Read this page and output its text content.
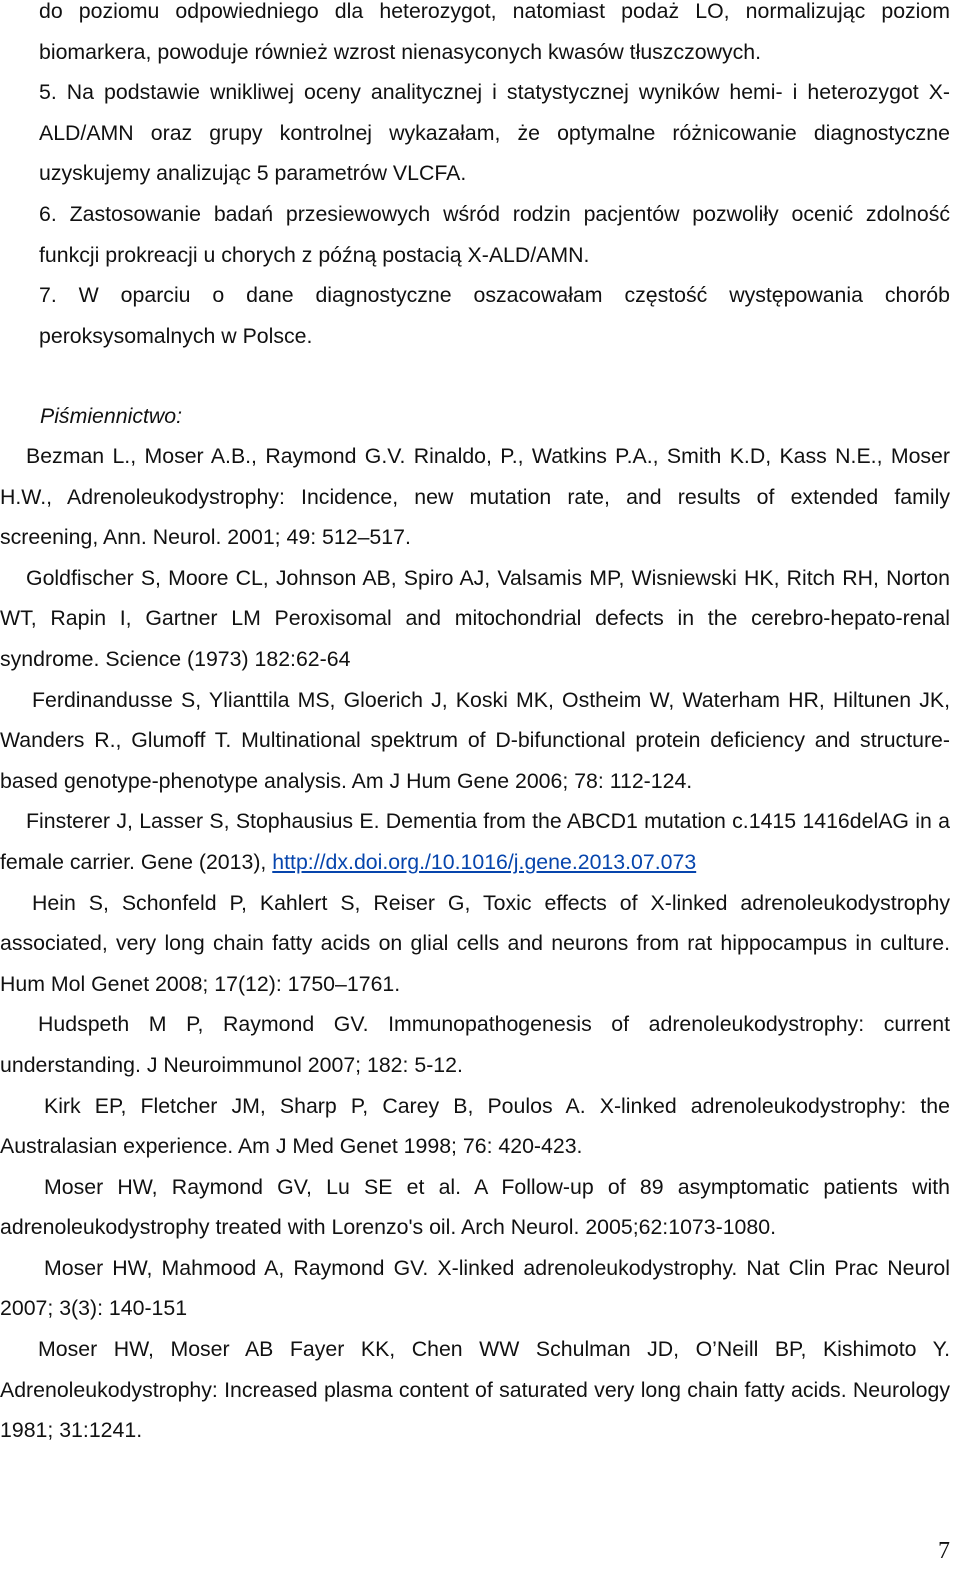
do poziomu odpowiedniego dla heterozygot, natomiast podaż LO, normalizując poziom biomarkera, powoduje również wzrost nienasyconych kwasów tłuszczowych.

5. Na podstawie wnikliwej oceny analitycznej i statystycznej wyników hemi- i heterozygot X-ALD/AMN oraz grupy kontrolnej wykazałam, że optymalne różnicowanie diagnostyczne uzyskujemy analizując 5 parametrów VLCFA.

6. Zastosowanie badań przesiewowych wśród rodzin pacjentów pozwoliły ocenić zdolność funkcji prokreacji u chorych z późną postacią X-ALD/AMN.

7. W oparciu o dane diagnostyczne oszacowałam częstość występowania chorób peroksysomalnych w Polsce.

Piśmiennictwo:

Bezman L., Moser A.B., Raymond G.V. Rinaldo, P., Watkins P.A., Smith K.D, Kass N.E., Moser H.W., Adrenoleukodystrophy: Incidence, new mutation rate, and results of extended family screening, Ann. Neurol. 2001; 49: 512–517.

Goldfischer S, Moore CL, Johnson AB, Spiro AJ, Valsamis MP, Wisniewski HK, Ritch RH, Norton WT, Rapin I, Gartner LM Peroxisomal and mitochondrial defects in the cerebro-hepato-renal syndrome. Science (1973) 182:62-64

Ferdinandusse S, Ylianttila MS, Gloerich J, Koski MK, Ostheim W, Waterham HR, Hiltunen JK, Wanders R., Glumoff T. Multinational spektrum of D-bifunctional protein deficiency and structure- based genotype-phenotype analysis. Am J Hum Gene 2006; 78: 112-124.

Finsterer J, Lasser S, Stophausius E. Dementia from the ABCD1 mutation c.1415 1416delAG in a female carrier. Gene (2013), http://dx.doi.org./10.1016/j.gene.2013.07.073

Hein S, Schonfeld P, Kahlert S, Reiser G, Toxic effects of X-linked adrenoleukodystrophy associated, very long chain fatty acids on glial cells and neurons from rat hippocampus in culture. Hum Mol Genet 2008; 17(12): 1750–1761.

Hudspeth M P, Raymond GV. Immunopathogenesis of adrenoleukodystrophy: current understanding. J Neuroimmunol 2007; 182: 5-12.

Kirk EP, Fletcher JM, Sharp P, Carey B, Poulos A. X-linked adrenoleukodystrophy: the Australasian experience. Am J Med Genet 1998; 76: 420-423.

Moser HW, Raymond GV, Lu SE et al. A Follow-up of 89 asymptomatic patients with adrenoleukodystrophy treated with Lorenzo's oil. Arch Neurol. 2005;62:1073-1080.

Moser HW, Mahmood A, Raymond GV. X-linked adrenoleukodystrophy. Nat Clin Prac Neurol 2007; 3(3): 140-151

Moser HW, Moser AB Fayer KK, Chen WW Schulman JD, O’Neill BP, Kishimoto Y. Adrenoleukodystrophy: Increased plasma content of saturated very long chain fatty acids. Neurology 1981; 31:1241.

7
